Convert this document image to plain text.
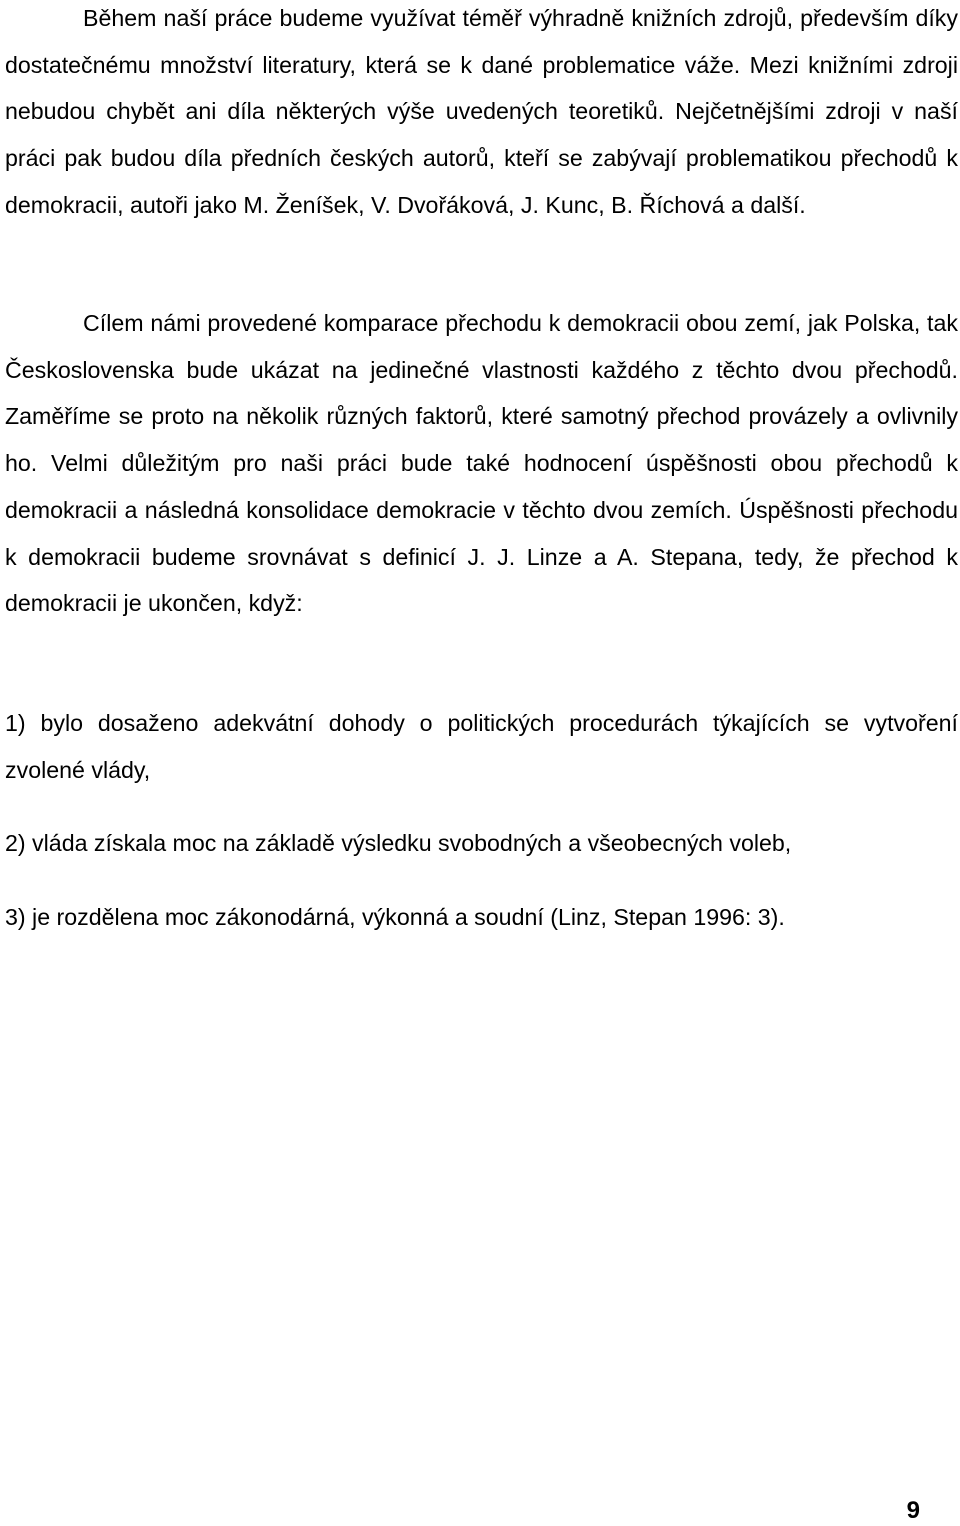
Během naší práce budeme využívat téměř výhradně knižních zdrojů, především díky dostatečnému množství literatury, která se k dané problematice váže. Mezi knižními zdroji nebudou chybět ani díla některých výše uvedených teoretiků. Nejčetnějšími zdroji v naší práci pak budou díla předních českých autorů, kteří se zabývají problematikou přechodů k demokracii, autoři jako M. Ženíšek, V. Dvořáková, J. Kunc, B. Říchová a další.

Cílem námi provedené komparace přechodu k demokracii obou zemí, jak Polska, tak Československa bude ukázat na jedinečné vlastnosti každého z těchto dvou přechodů. Zaměříme se proto na několik různých faktorů, které samotný přechod provázely a ovlivnily ho. Velmi důležitým pro naši práci bude také hodnocení úspěšnosti obou přechodů k demokracii a následná konsolidace demokracie v těchto dvou zemích. Úspěšnosti přechodu k demokracii budeme srovnávat s definicí J. J. Linze a A. Stepana, tedy, že přechod k demokracii je ukončen, když:

1) bylo dosaženo adekvátní dohody o politických procedurách týkajících se vytvoření zvolené vlády,

2) vláda získala moc na základě výsledku svobodných a všeobecných voleb,

3) je rozdělena moc zákonodárná, výkonná a soudní (Linz, Stepan 1996: 3).

9
